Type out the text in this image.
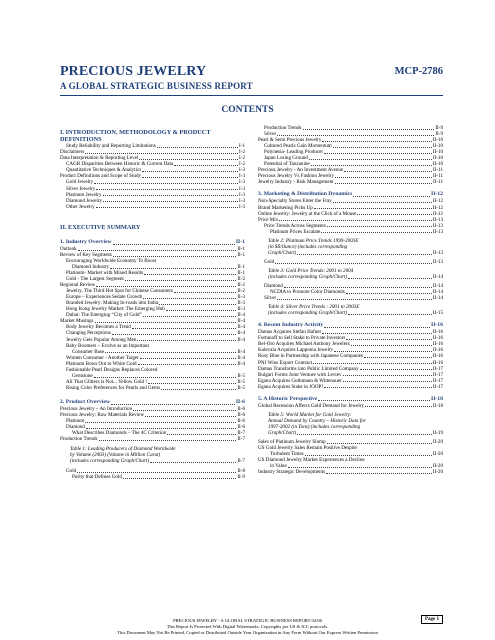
PRECIOUS JEWELRY	MCP-2786
A GLOBAL STRATEGIC BUSINESS REPORT
CONTENTS
I. INTRODUCTION, METHODOLOGY & PRODUCT DEFINITIONS
Study Reliability and Reporting Limitations	I-1
Disclaimers	I-2
Data Interpretation & Reporting Level	I-2
CAGR Disparities Between Historic & Current Data	I-2
Quantitative Techniques & Analytics	I-3
Product Definitions and Scope of Study	I-3
Gold Jewelry	I-3
Silver Jewelry	I-3
Platinum Jewelry	I-3
Diamond Jewelry	I-3
Other Jewelry	I-3
II. EXECUTIVE SUMMARY
1. Industry Overview	II-1
Outlook	II-1
Review of Key Segments	II-1
Encouraging Worldwide Economy To Boost
Diamond Industry	II-1
Platinum- Market with Mixed Results	II-1
Gold - The Largest Segment	II-2
Regional Review	II-2
Jewelry, The Third Hot Spot for Chinese Consumers	II-2
Europe – Experiences Sedate Growth	II-3
Branded Jewelry: Making In-roads into India	II-3
Hong Kong Jewelry Market: The Emerging Hub	II-3
Dubai: The Emerging “City of Gold”	II-4
Market Musings	II-4
Body Jewelry Becomes a Trend	II-4
Changing Perceptions	II-4
Jewelry Gets Popular Among Men	II-4
Baby Boomers – Evolve as an Important
Consumer Base	II-4
Women Consumer - Another Target	II-4
Platinum Bows Out to White Gold	II-4
Fashionable Pearl Designs Replaces Colored
Gemstone	II-5
All That Glitters is Not... Yellow Gold !	II-5
Rising Color Preferences for Pearls and Gems	II-5
2. Product Overview	II-6
Precious Jewelry – An Introduction	II-6
Precious Jewelry: Raw Materials Review	II-6
Platinum	II-6
Diamond	II-6
What Describes Diamonds – The 4C Criterion	II-7
Production Trends	II-7
Table 1: Leading Producers of Diamond Worldwide
by Volume (2003) (Volume in Million Carat)
(includes corresponding Graph/Chart)	II-7
Gold	II-8
Purity that Defines Gold	II-9
Production Trends	II-9
Silver	II-9
Pearl & Semi Precious Jewelry	II-10
Cultured Pearls Gain Momentum	II-10
Polynesia- Leading Producer	II-10
Japan Losing Ground	II-10
Potential of Tanzanine	II-10
Precious Jewelry - An Investment Avenue	II-11
Precious Jewelry Vs Fashion Jewelry	II-11
Jewelry Industry - Risk Management	II-11
3. Marketing & Distribution Dynamics	II-12
Non-Specialty Stores Enter the Fray	II-12
Brand Marketing Picks Up	II-12
Online Jewelry: Jewelry at the Click of a Mouse	II-12
Price Mix	II-13
Price Trends Across Segments	II-13
Platinum Prices Escalate	II-13
Table 2: Platinum Price Trends 1999-2003E
(in $$/Ounce) (includes corresponding
Graph/Chart)	II-13
Gold	II-13
Table 3: Gold Price Trends: 2001 to 2004
(includes corresponding Graph/Chart)	II-14
Diamond	II-14
NCDIA to Promote Color Diamonds	II-14
Silver	II-14
Table 4: Silver Price Trends : 2001 to 2003E
(includes corresponding Graph/Chart)	II-15
4. Recent Industry Activity	II-16
Damas Acquires Stefan Hafner	II-16
Fortunoff to Sell Stake to Private Investors	II-16
Bel-Oro Acquires Michael Anthony Jewelers	II-16
Kalevala Acquires Lapponia Jewelry	II-16
Rosy Blue in Partnership with Japanese Companies	II-16
PNJ Wins Export Contract	II-16
Damas Transforms into Public Limited Company	II-17
Bulgari Forms Joint Venture with Leviev	II-17
Egana Acquires Guthmann & Wittenauer	II-17
Egana Acquires Stake in JOOP!	II-17
5. A Historic Perspective	II-18
Global Recession Affects Gold Demand for Jewelry	II-18
Table 5: World Market for Gold Jewelry:
Annual Demand by Country – Historic Data for
1997-2002 (in Tons) (includes corresponding
Graph/Chart)	II-19
Sales of Platinum Jewelry Slump	II-20
US Gold Jewelry Sales Remain Positive Despite
Turbulent Times	II-20
US Diamond Jewelry Market Experiences a Decline
in Value	II-20
Industry Strategic Developments	II-20
Page 1
PRECIOUS JEWELRY - A GLOBAL STRATEGIC BUSINESS REPORT 02/06
This Report Is Protected With Digital Watermarks. Copyrights per US & ICC protocols.
This Document May Not Be Printed, Copied or Distributed Outside Your Organization in Any Form Without Our Express Written Permission
